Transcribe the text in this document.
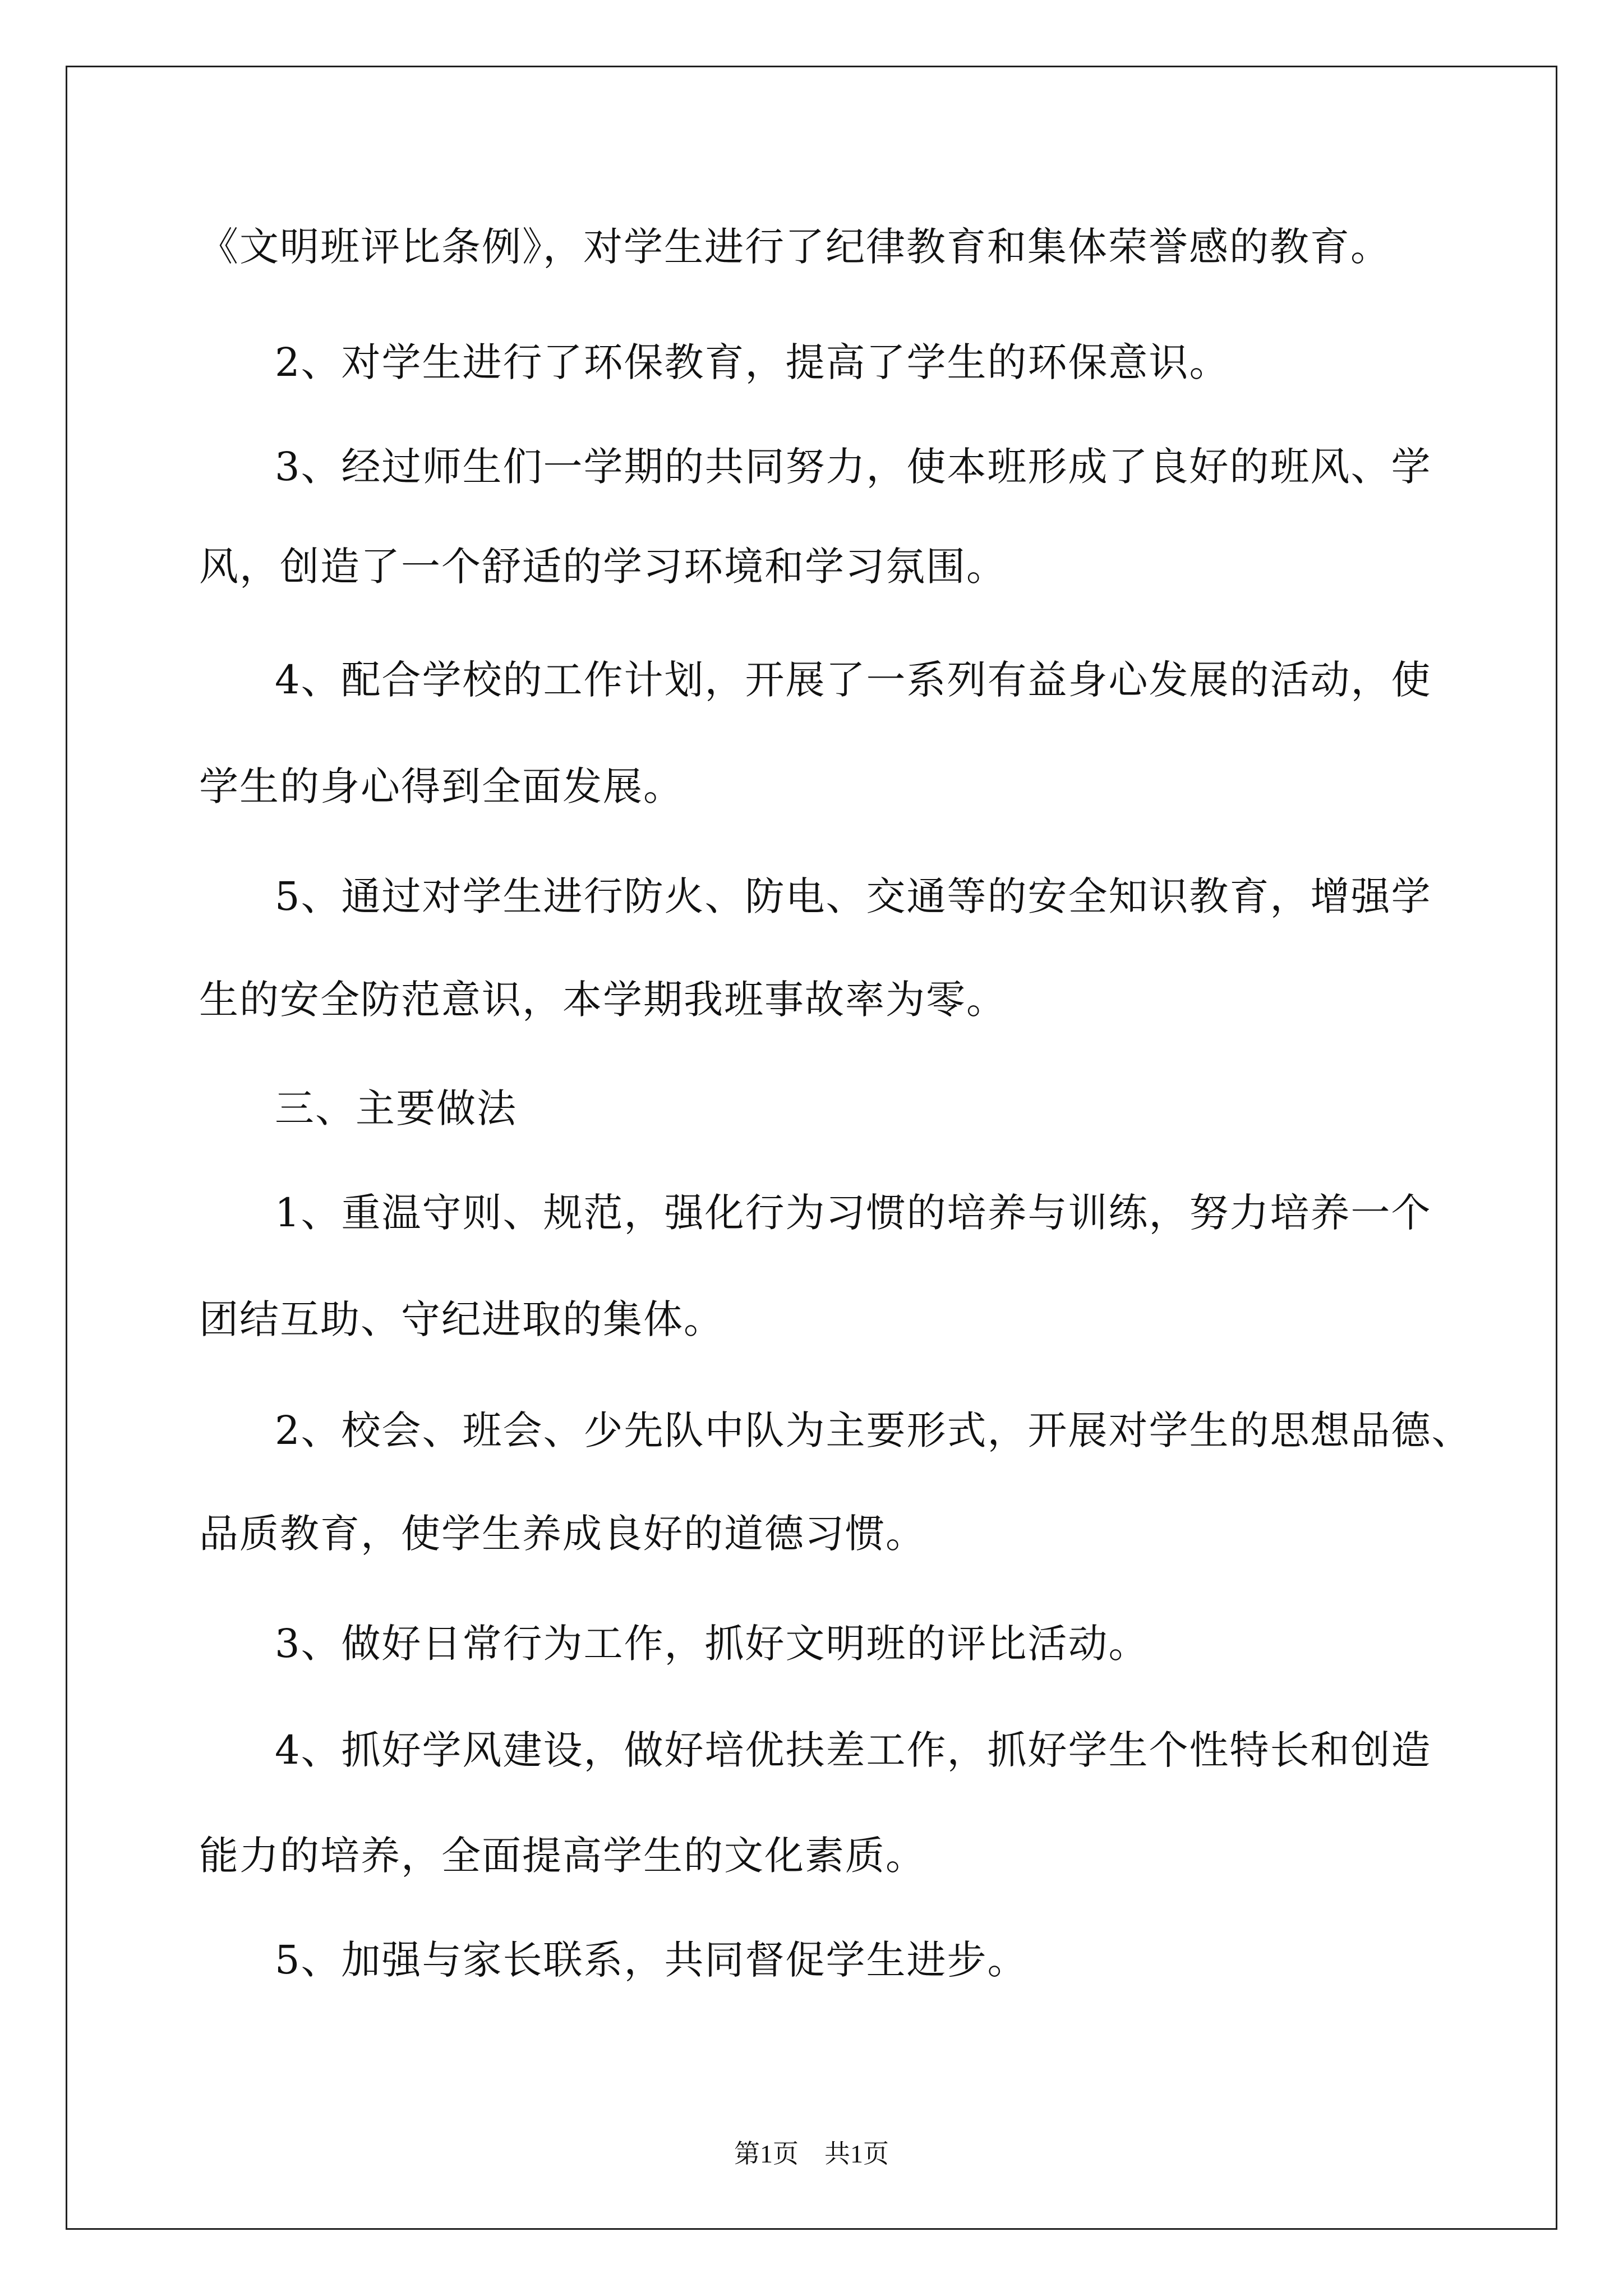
《文明班评比条例》，对学生进行了纪律教育和集体荣誉感的教育。
2、对学生进行了环保教育，提高了学生的环保意识。
3、经过师生们一学期的共同努力，使本班形成了良好的班风、学
风，创造了一个舒适的学习环境和学习氛围。
4、配合学校的工作计划，开展了一系列有益身心发展的活动，使
学生的身心得到全面发展。
5、通过对学生进行防火、防电、交通等的安全知识教育，增强学
生的安全防范意识，本学期我班事故率为零。
三、主要做法
1、重温守则、规范，强化行为习惯的培养与训练，努力培养一个
团结互助、守纪进取的集体。
2、校会、班会、少先队中队为主要形式，开展对学生的思想品德、
品质教育，使学生养成良好的道德习惯。
3、做好日常行为工作，抓好文明班的评比活动。
4、抓好学风建设，做好培优扶差工作，抓好学生个性特长和创造
能力的培养，全面提高学生的文化素质。
5、加强与家长联系，共同督促学生进步。
第1页　共1页
